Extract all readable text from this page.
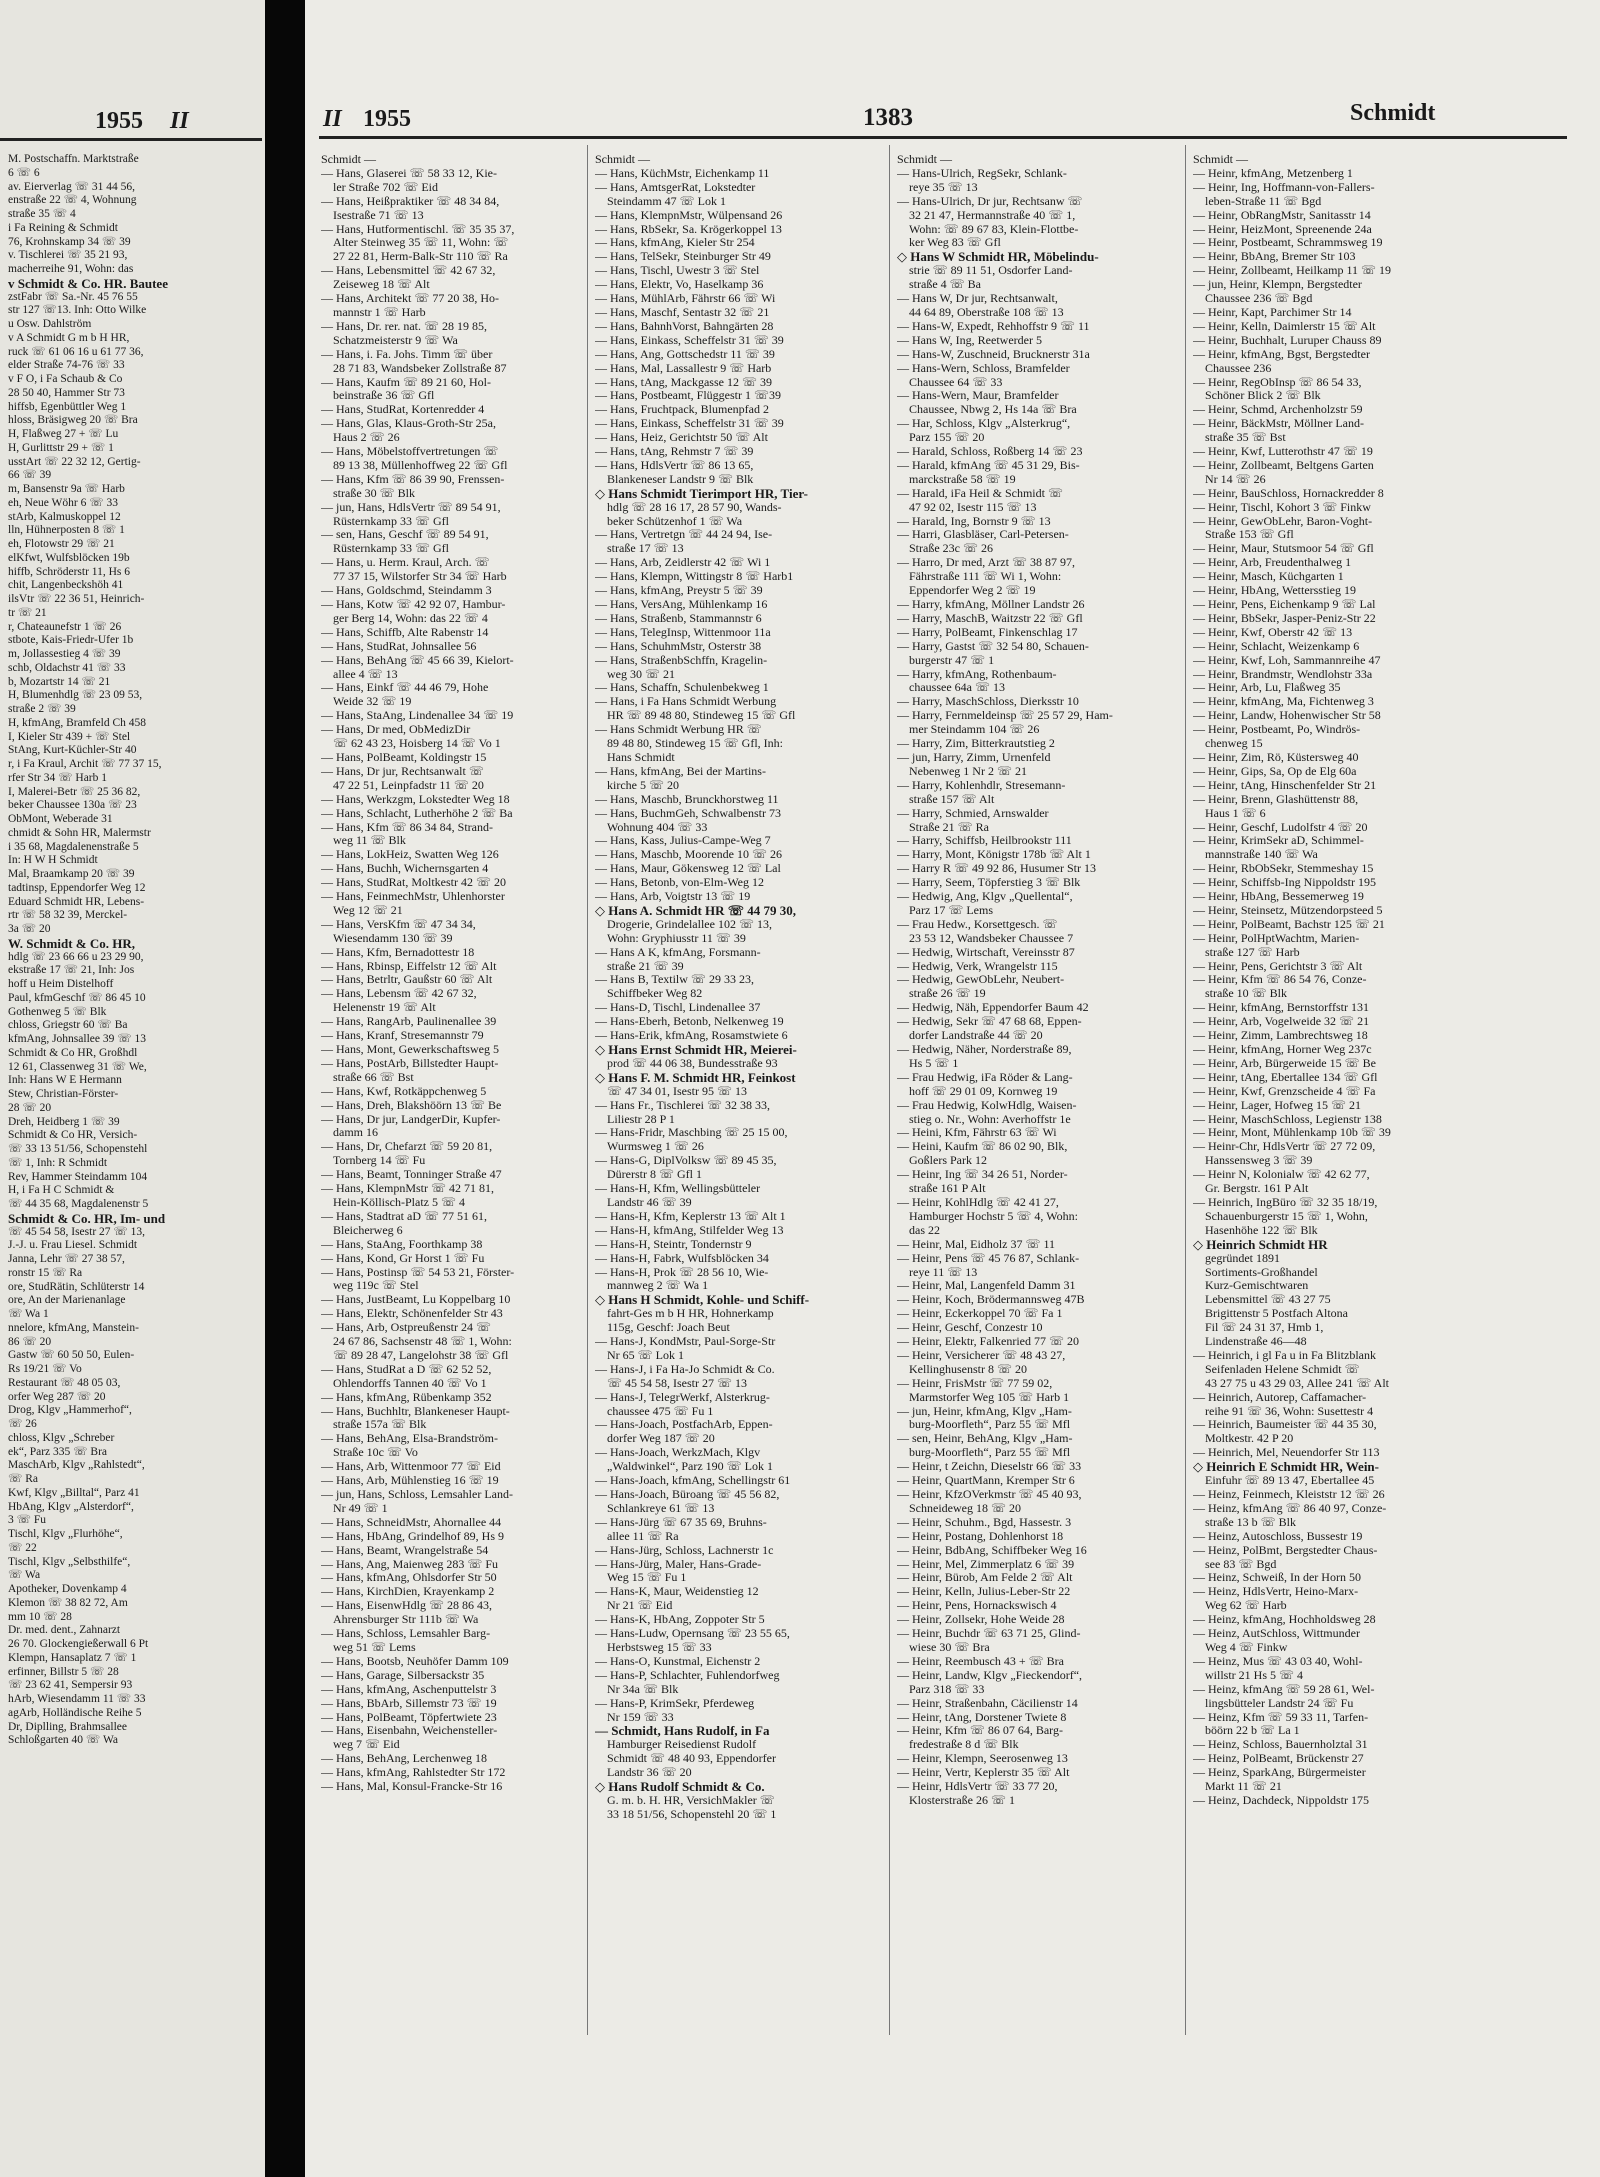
1955 II
M. Postschaffn. Marktstraße
6 ☏ 6
av. Eierverlag ☏ 31 44 56,
enstraße 22 ☏ 4, Wohnung
straße 35 ☏ 4
i Fa Reining & Schmidt
76, Krohnskamp 34 ☏ 39
v. Tischlerei ☏ 35 21 93,
macherreihe 91, Wohn: das
v Schmidt & Co. HR. Bautee
zstFabr ☏ Sa.-Nr. 45 76 55
str 127 ☏13. Inh: Otto Wilke
u Osw. Dahlström
v A Schmidt G m b H HR,
ruck ☏ 61 06 16 u 61 77 36,
elder Straße 74-76 ☏ 33
v F O, i Fa Schaub & Co
28 50 40, Hammer Str 73
hiffsb, Egenbüttler Weg 1
hloss, Bräsigweg 20 ☏ Bra
H, Flaßweg 27 + ☏ Lu
H, Gurlittstr 29 + ☏ 1
usstArt ☏ 22 32 12, Gertig-
66 ☏ 39
m, Bansenstr 9a ☏ Harb
eh, Neue Wöhr 6 ☏ 33
stArb, Kalmuskoppel 12
lln, Hühnerposten 8 ☏ 1
eh, Flotowstr 29 ☏ 21
elKfwt, Wulfsblöcken 19b
hiffb, Schröderstr 11, Hs 6
chit, Langenbeckshöh 41
ilsVtr ☏ 22 36 51, Heinrich-
tr ☏ 21
r, Chateaunefstr 1 ☏ 26
stbote, Kais-Friedr-Ufer 1b
m, Jollassestieg 4 ☏ 39
schb, Oldachstr 41 ☏ 33
b, Mozartstr 14 ☏ 21
H, Blumenhdlg ☏ 23 09 53,
straße 2 ☏ 39
H, kfmAng, Bramfeld Ch 458
I, Kieler Str 439 + ☏ Stel
StAng, Kurt-Küchler-Str 40
r, i Fa Kraul, Archit ☏ 77 37 15,
rfer Str 34 ☏ Harb 1
I, Malerei-Betr ☏ 25 36 82,
beker Chaussee 130a ☏ 23
ObMont, Weberade 31
chmidt & Sohn HR, Malermstr
i 35 68, Magdalenenstraße 5
In: H W H Schmidt
Mal, Braamkamp 20 ☏ 39
tadtinsp, Eppendorfer Weg 12
Eduard Schmidt HR, Lebens-
rtr ☏ 58 32 39, Merckel-
3a ☏ 20
W. Schmidt & Co. HR,
hdlg ☏ 23 66 66 u 23 29 90,
ekstraße 17 ☏ 21, Inh: Jos
hoff u Heim Distelhoff
Paul, kfmGeschf ☏ 86 45 10
Gothenweg 5 ☏ Blk
chloss, Griegstr 60 ☏ Ba
kfmAng, Johnsallee 39 ☏ 13
Schmidt & Co HR, Großhdl
12 61, Classenweg 31 ☏ We,
Inh: Hans W E Hermann
Stew, Christian-Förster-
28 ☏ 20
Dreh, Heidberg 1 ☏ 39
Schmidt & Co HR, Versich-
☏ 33 13 51/56, Schopenstehl
☏ 1, Inh: R Schmidt
Rev, Hammer Steindamm 104
H, i Fa H C Schmidt &
☏ 44 35 68, Magdalenenstr 5
Schmidt & Co. HR, Im- und
☏ 45 54 58, Isestr 27 ☏ 13,
J.-J. u. Frau Liesel. Schmidt
Janna, Lehr ☏ 27 38 57,
ronstr 15 ☏ Ra
ore, StudRätin, Schlüterstr 14
ore, An der Marienanlage
☏ Wa 1
nnelore, kfmAng, Manstein-
86 ☏ 20
Gastw ☏ 60 50 50, Eulen-
Rs 19/21 ☏ Vo
Restaurant ☏ 48 05 03,
orfer Weg 287 ☏ 20
Drog, Klgv „Hammerhof“,
☏ 26
chloss, Klgv „Schreber
ek“, Parz 335 ☏ Bra
MaschArb, Klgv „Rahlstedt“,
☏ Ra
Kwf, Klgv „Billtal“, Parz 41
HbAng, Klgv „Alsterdorf“,
3 ☏ Fu
Tischl, Klgv „Flurhöhe“,
☏ 22
Tischl, Klgv „Selbsthilfe“,
☏ Wa
Apotheker, Dovenkamp 4
Klemon ☏ 38 82 72, Am
mm 10 ☏ 28
Dr. med. dent., Zahnarzt
26 70. Glockengießerwall 6 Pt
Klempn, Hansaplatz 7 ☏ 1
erfinner, Billstr 5 ☏ 28
☏ 23 62 41, Sempersir 93
hArb, Wiesendamm 11 ☏ 33
agArb, Holländische Reihe 5
Dr, Diplling, Brahmsallee
Schloßgarten 40 ☏ Wa
II 1955	1383	Schmidt
Schmidt —
— Hans, Glaserei ☏ 58 33 12, Kie-
ler Straße 702 ☏ Eid
— Hans, Heißpraktiker ☏ 48 34 84,
Isestraße 71 ☏ 13
— Hans, Hutformentischl. ☏ 35 35 37,
Alter Steinweg 35 ☏ 11, Wohn: ☏
27 22 81, Herm-Balk-Str 110 ☏ Ra
— Hans, Lebensmittel ☏ 42 67 32,
Zeiseweg 18 ☏ Alt
— Hans, Architekt ☏ 77 20 38, Ho-
mannstr 1 ☏ Harb
— Hans, Dr. rer. nat. ☏ 28 19 85,
Schatzmeisterstr 9 ☏ Wa
— Hans, i. Fa. Johs. Timm ☏ über
28 71 83, Wandsbeker Zollstraße 87
— Hans, Kaufm ☏ 89 21 60, Hol-
beinstraße 36 ☏ Gfl
— Hans, StudRat, Kortenredder 4
— Hans, Glas, Klaus-Groth-Str 25a,
Haus 2 ☏ 26
— Hans, Möbelstoffvertretungen ☏
89 13 38, Müllenhoffweg 22 ☏ Gfl
— Hans, Kfm ☏ 86 39 90, Frenssen-
straße 30 ☏ Blk
— jun, Hans, HdlsVertr ☏ 89 54 91,
Rüsternkamp 33 ☏ Gfl
— sen, Hans, Geschf ☏ 89 54 91,
Rüsternkamp 33 ☏ Gfl
— Hans, u. Herm. Kraul, Arch. ☏
77 37 15, Wilstorfer Str 34 ☏ Harb
— Hans, Goldschmd, Steindamm 3
— Hans, Kotw ☏ 42 92 07, Hambur-
ger Berg 14, Wohn: das 22 ☏ 4
— Hans, Schiffb, Alte Rabenstr 14
— Hans, StudRat, Johnsallee 56
— Hans, BehAng ☏ 45 66 39, Kielort-
allee 4 ☏ 13
— Hans, Einkf ☏ 44 46 79, Hohe
Weide 32 ☏ 19
— Hans, StaAng, Lindenallee 34 ☏ 19
— Hans, Dr med, ObMedizDir
☏ 62 43 23, Hoisberg 14 ☏ Vo 1
— Hans, PolBeamt, Koldingstr 15
— Hans, Dr jur, Rechtsanwalt ☏
47 22 51, Leinpfadstr 11 ☏ 20
— Hans, Werkzgm, Lokstedter Weg 18
— Hans, Schlacht, Lutherhöhe 2 ☏ Ba
— Hans, Kfm ☏ 86 34 84, Strand-
weg 11 ☏ Blk
— Hans, LokHeiz, Swatten Weg 126
— Hans, Buchh, Wichernsgarten 4
— Hans, StudRat, Moltkestr 42 ☏ 20
— Hans, FeinmechMstr, Uhlenhorster
Weg 12 ☏ 21
— Hans, VersKfm ☏ 47 34 34,
Wiesendamm 130 ☏ 39
— Hans, Kfm, Bernadottestr 18
— Hans, Rbinsp, Eiffelstr 12 ☏ Alt
— Hans, Betrltr, Gaußstr 60 ☏ Alt
— Hans, Lebensm ☏ 42 67 32,
Helenenstr 19 ☏ Alt
— Hans, RangArb, Paulinenallee 39
— Hans, Kranf, Stresemannstr 79
— Hans, Mont, Gewerkschaftsweg 5
— Hans, PostArb, Billstedter Haupt-
straße 66 ☏ Bst
— Hans, Kwf, Rotkäppchenweg 5
— Hans, Dreh, Blakshöörn 13 ☏ Be
— Hans, Dr jur, LandgerDir, Kupfer-
damm 16
— Hans, Dr, Chefarzt ☏ 59 20 81,
Tornberg 14 ☏ Fu
— Hans, Beamt, Tonninger Straße 47
— Hans, KlempnMstr ☏ 42 71 81,
Hein-Köllisch-Platz 5 ☏ 4
— Hans, Stadtrat aD ☏ 77 51 61,
Bleicherweg 6
— Hans, StaAng, Foorthkamp 38
— Hans, Kond, Gr Horst 1 ☏ Fu
— Hans, Postinsp ☏ 54 53 21, Förster-
weg 119c ☏ Stel
— Hans, JustBeamt, Lu Koppelbarg 10
— Hans, Elektr, Schönenfelder Str 43
— Hans, Arb, Ostpreußenstr 24 ☏
24 67 86, Sachsenstr 48 ☏ 1, Wohn:
☏ 89 28 47, Langelohstr 38 ☏ Gfl
— Hans, StudRat a D ☏ 62 52 52,
Ohlendorffs Tannen 40 ☏ Vo 1
— Hans, kfmAng, Rübenkamp 352
— Hans, Buchhltr, Blankeneser Haupt-
straße 157a ☏ Blk
— Hans, BehAng, Elsa-Brandström-
Straße 10c ☏ Vo
— Hans, Arb, Wittenmoor 77 ☏ Eid
— Hans, Arb, Mühlenstieg 16 ☏ 19
— jun, Hans, Schloss, Lemsahler Land-
Nr 49 ☏ 1
— Hans, SchneidMstr, Ahornallee 44
— Hans, HbAng, Grindelhof 89, Hs 9
— Hans, Beamt, Wrangelstraße 54
— Hans, Ang, Maienweg 283 ☏ Fu
— Hans, kfmAng, Ohlsdorfer Str 50
— Hans, KirchDien, Krayenkamp 2
— Hans, EisenwHdlg ☏ 28 86 43,
Ahrensburger Str 111b ☏ Wa
— Hans, Schloss, Lemsahler Barg-
weg 51 ☏ Lems
— Hans, Bootsb, Neuhöfer Damm 109
— Hans, Garage, Silbersackstr 35
— Hans, kfmAng, Aschenputtelstr 3
— Hans, BbArb, Sillemstr 73 ☏ 19
— Hans, PolBeamt, Töpfertwiete 23
— Hans, Eisenbahn, Weichensteller-
weg 7 ☏ Eid
— Hans, BehAng, Lerchenweg 18
— Hans, kfmAng, Rahlstedter Str 172
— Hans, Mal, Konsul-Francke-Str 16
Schmidt —
— Hans, KüchMstr, Eichenkamp 11
— Hans, AmtsgerRat, Lokstedter
Steindamm 47 ☏ Lok 1
— Hans, KlempnMstr, Wülpensand 26
— Hans, RbSekr, Sa. Krögerkoppel 13
— Hans, kfmAng, Kieler Str 254
— Hans, TelSekr, Steinburger Str 49
— Hans, Tischl, Uwestr 3 ☏ Stel
— Hans, Elektr, Vo, Haselkamp 36
— Hans, MühlArb, Fährstr 66 ☏ Wi
— Hans, Maschf, Sentastr 32 ☏ 21
— Hans, BahnhVorst, Bahngärten 28
— Hans, Einkass, Scheffelstr 31 ☏ 39
— Hans, Ang, Gottschedstr 11 ☏ 39
— Hans, Mal, Lassallestr 9 ☏ Harb
— Hans, tAng, Mackgasse 12 ☏ 39
— Hans, Postbeamt, Flüggestr 1 ☏39
— Hans, Fruchtpack, Blumenpfad 2
— Hans, Einkass, Scheffelstr 31 ☏ 39
— Hans, Heiz, Gerichtstr 50 ☏ Alt
— Hans, tAng, Rehmstr 7 ☏ 39
— Hans, HdlsVertr ☏ 86 13 65,
Blankeneser Landstr 9 ☏ Blk
◇ Hans Schmidt Tierimport HR, Tier-
hdlg ☏ 28 16 17, 28 57 90, Wands-
beker Schützenhof 1 ☏ Wa
— Hans, Vertretgn ☏ 44 24 94, Ise-
straße 17 ☏ 13
— Hans, Arb, Zeidlerstr 42 ☏ Wi 1
— Hans, Klempn, Wittingstr 8 ☏ Harb1
— Hans, kfmAng, Preystr 5 ☏ 39
— Hans, VersAng, Mühlenkamp 16
— Hans, Straßenb, Stammannstr 6
— Hans, TelegInsp, Wittenmoor 11a
— Hans, SchuhmMstr, Osterstr 38
— Hans, StraßenbSchffn, Kragelin-
weg 30 ☏ 21
— Hans, Schaffn, Schulenbekweg 1
— Hans, i Fa Hans Schmidt Werbung
HR ☏ 89 48 80, Stindeweg 15 ☏ Gfl
— Hans Schmidt Werbung HR ☏
89 48 80, Stindeweg 15 ☏ Gfl, Inh:
Hans Schmidt
— Hans, kfmAng, Bei der Martins-
kirche 5 ☏ 20
— Hans, Maschb, Brunckhorstweg 11
— Hans, BuchmGeh, Schwalbenstr 73
Wohnung 404 ☏ 33
— Hans, Kass, Julius-Campe-Weg 7
— Hans, Maschb, Moorende 10 ☏ 26
— Hans, Maur, Gökensweg 12 ☏ Lal
— Hans, Betonb, von-Elm-Weg 12
— Hans, Arb, Voigtstr 13 ☏ 19
◇ Hans A. Schmidt HR ☏ 44 79 30,
Drogerie, Grindelallee 102 ☏ 13,
Wohn: Gryphiusstr 11 ☏ 39
— Hans A K, kfmAng, Forsmann-
straße 21 ☏ 39
— Hans B, Textilw ☏ 29 33 23,
Schiffbeker Weg 82
— Hans-D, Tischl, Lindenallee 37
— Hans-Eberh, Betonb, Nelkenweg 19
— Hans-Erik, kfmAng, Rosamstwiete 6
◇ Hans Ernst Schmidt HR, Meierei-
prod ☏ 44 06 38, Bundesstraße 93
◇ Hans F. M. Schmidt HR, Feinkost
☏ 47 34 01, Isestr 95 ☏ 13
— Hans Fr., Tischlerei ☏ 32 38 33,
Liliestr 28 P 1
— Hans-Fridr, Maschbing ☏ 25 15 00,
Wurmsweg 1 ☏ 26
— Hans-G, DiplVolksw ☏ 89 45 35,
Dürerstr 8 ☏ Gfl 1
— Hans-H, Kfm, Wellingsbütteler
Landstr 46 ☏ 39
— Hans-H, Kfm, Keplerstr 13 ☏ Alt 1
— Hans-H, kfmAng, Stilfelder Weg 13
— Hans-H, Steintr, Tondernstr 9
— Hans-H, Fabrk, Wulfsblöcken 34
— Hans-H, Prok ☏ 28 56 10, Wie-
mannweg 2 ☏ Wa 1
◇ Hans H Schmidt, Kohle- und Schiff-
fahrt-Ges m b H HR, Hohnerkamp
115g, Geschf: Joach Beut
— Hans-J, KondMstr, Paul-Sorge-Str
Nr 65 ☏ Lok 1
— Hans-J, i Fa Ha-Jo Schmidt & Co.
☏ 45 54 58, Isestr 27 ☏ 13
— Hans-J, TelegrWerkf, Alsterkrug-
chaussee 475 ☏ Fu 1
— Hans-Joach, PostfachArb, Eppen-
dorfer Weg 187 ☏ 20
— Hans-Joach, WerkzMach, Klgv
„Waldwinkel“, Parz 190 ☏ Lok 1
— Hans-Joach, kfmAng, Schellingstr 61
— Hans-Joach, Büroang ☏ 45 56 82,
Schlankreye 61 ☏ 13
— Hans-Jürg ☏ 67 35 69, Bruhns-
allee 11 ☏ Ra
— Hans-Jürg, Schloss, Lachnerstr 1c
— Hans-Jürg, Maler, Hans-Grade-
Weg 15 ☏ Fu 1
— Hans-K, Maur, Weidenstieg 12
Nr 21 ☏ Eid
— Hans-K, HbAng, Zoppoter Str 5
— Hans-Ludw, Opernsang ☏ 23 55 65,
Herbstsweg 15 ☏ 33
— Hans-O, Kunstmal, Eichenstr 2
— Hans-P, Schlachter, Fuhlendorfweg
Nr 34a ☏ Blk
— Hans-P, KrimSekr, Pferdeweg
Nr 159 ☏ 33
— Schmidt, Hans Rudolf, in Fa
Hamburger Reisedienst Rudolf
Schmidt ☏ 48 40 93, Eppendorfer
Landstr 36 ☏ 20
◇ Hans Rudolf Schmidt & Co.
G. m. b. H. HR, VersichMakler ☏
33 18 51/56, Schopenstehl 20 ☏ 1
Schmidt —
— Hans-Ulrich, RegSekr, Schlank-
reye 35 ☏ 13
— Hans-Ulrich, Dr jur, Rechtsanw ☏
32 21 47, Hermannstraße 40 ☏ 1,
Wohn: ☏ 89 67 83, Klein-Flottbe-
ker Weg 83 ☏ Gfl
◇ Hans W Schmidt HR, Möbelindu-
strie ☏ 89 11 51, Osdorfer Land-
straße 4 ☏ Ba
— Hans W, Dr jur, Rechtsanwalt,
44 64 89, Oberstraße 108 ☏ 13
— Hans-W, Expedt, Rehhoffstr 9 ☏ 11
— Hans W, Ing, Reetwerder 5
— Hans-W, Zuschneid, Brucknerstr 31a
— Hans-Wern, Schloss, Bramfelder
Chaussee 64 ☏ 33
— Hans-Wern, Maur, Bramfelder
Chaussee, Nbwg 2, Hs 14a ☏ Bra
— Har, Schloss, Klgv „Alsterkrug“,
Parz 155 ☏ 20
— Harald, Schloss, Roßberg 14 ☏ 23
— Harald, kfmAng ☏ 45 31 29, Bis-
marckstraße 58 ☏ 19
— Harald, iFa Heil & Schmidt ☏
47 92 02, Isestr 115 ☏ 13
— Harald, Ing, Bornstr 9 ☏ 13
— Harri, Glasbläser, Carl-Petersen-
Straße 23c ☏ 26
— Harro, Dr med, Arzt ☏ 38 87 97,
Fährstraße 111 ☏ Wi 1, Wohn:
Eppendorfer Weg 2 ☏ 19
— Harry, kfmAng, Möllner Landstr 26
— Harry, MaschB, Waitzstr 22 ☏ Gfl
— Harry, PolBeamt, Finkenschlag 17
— Harry, Gastst ☏ 32 54 80, Schauen-
burgerstr 47 ☏ 1
— Harry, kfmAng, Rothenbaum-
chaussee 64a ☏ 13
— Harry, MaschSchloss, Dierksstr 10
— Harry, Fernmeldeinsp ☏ 25 57 29, Ham-
mer Steindamm 104 ☏ 26
— Harry, Zim, Bitterkrautstieg 2
— jun, Harry, Zimm, Urnenfeld
Nebenweg 1 Nr 2 ☏ 21
— Harry, Kohlenhdlr, Stresemann-
straße 157 ☏ Alt
— Harry, Schmied, Arnswalder
Straße 21 ☏ Ra
— Harry, Schiffsb, Heilbrookstr 111
— Harry, Mont, Königstr 178b ☏ Alt 1
— Harry R ☏ 49 92 86, Husumer Str 13
— Harry, Seem, Töpferstieg 3 ☏ Blk
— Hedwig, Ang, Klgv „Quellental“,
Parz 17 ☏ Lems
— Frau Hedw., Korsettgesch. ☏
23 53 12, Wandsbeker Chaussee 7
— Hedwig, Wirtschaft, Vereinsstr 87
— Hedwig, Verk, Wrangelstr 115
— Hedwig, GewObLehr, Neubert-
straße 26 ☏ 19
— Hedwig, Näh, Eppendorfer Baum 42
— Hedwig, Sekr ☏ 47 68 68, Eppen-
dorfer Landstraße 44 ☏ 20
— Hedwig, Näher, Norderstraße 89,
Hs 5 ☏ 1
— Frau Hedwig, iFa Röder & Lang-
hoff ☏ 29 01 09, Kornweg 19
— Frau Hedwig, KolwHdlg, Waisen-
stieg o. Nr., Wohn: Averhoffstr 1e
— Heini, Kfm, Fährstr 63 ☏ Wi
— Heini, Kaufm ☏ 86 02 90, Blk,
Goßlers Park 12
— Heinr, Ing ☏ 34 26 51, Norder-
straße 161 P Alt
— Heinr, KohlHdlg ☏ 42 41 27,
Hamburger Hochstr 5 ☏ 4, Wohn:
das 22
— Heinr, Mal, Eidholz 37 ☏ 11
— Heinr, Pens ☏ 45 76 87, Schlank-
reye 11 ☏ 13
— Heinr, Mal, Langenfeld Damm 31
— Heinr, Koch, Brödermannsweg 47B
— Heinr, Eckerkoppel 70 ☏ Fa 1
— Heinr, Geschf, Conzestr 10
— Heinr, Elektr, Falkenried 77 ☏ 20
— Heinr, Versicherer ☏ 48 43 27,
Kellinghusenstr 8 ☏ 20
— Heinr, FrisMstr ☏ 77 59 02,
Marmstorfer Weg 105 ☏ Harb 1
— jun, Heinr, kfmAng, Klgv „Ham-
burg-Moorfleth“, Parz 55 ☏ Mfl
— sen, Heinr, BehAng, Klgv „Ham-
burg-Moorfleth“, Parz 55 ☏ Mfl
— Heinr, t Zeichn, Dieselstr 66 ☏ 33
— Heinr, QuartMann, Kremper Str 6
— Heinr, KfzOVerkmstr ☏ 45 40 93,
Schneideweg 18 ☏ 20
— Heinr, Schuhm., Bgd, Hassestr. 3
— Heinr, Postang, Dohlenhorst 18
— Heinr, BdbAng, Schiffbeker Weg 16
— Heinr, Mel, Zimmerplatz 6 ☏ 39
— Heinr, Bürob, Am Felde 2 ☏ Alt
— Heinr, Kelln, Julius-Leber-Str 22
— Heinr, Pens, Hornackswisch 4
— Heinr, Zollsekr, Hohe Weide 28
— Heinr, Buchdr ☏ 63 71 25, Glind-
wiese 30 ☏ Bra
— Heinr, Reembusch 43 + ☏ Bra
— Heinr, Landw, Klgv „Fieckendorf“,
Parz 318 ☏ 33
— Heinr, Straßenbahn, Cäcilienstr 14
— Heinr, tAng, Dorstener Twiete 8
— Heinr, Kfm ☏ 86 07 64, Barg-
fredestraße 8 d ☏ Blk
— Heinr, Klempn, Seerosenweg 13
— Heinr, Vertr, Keplerstr 35 ☏ Alt
— Heinr, HdlsVertr ☏ 33 77 20,
Klosterstraße 26 ☏ 1
Schmidt —
— Heinr, kfmAng, Metzenberg 1
— Heinr, Ing, Hoffmann-von-Fallers-
leben-Straße 11 ☏ Bgd
— Heinr, ObRangMstr, Sanitasstr 14
— Heinr, HeizMont, Spreenende 24a
— Heinr, Postbeamt, Schrammsweg 19
— Heinr, BbAng, Bremer Str 103
— Heinr, Zollbeamt, Heilkamp 11 ☏ 19
— jun, Heinr, Klempn, Bergstedter
Chaussee 236 ☏ Bgd
— Heinr, Kapt, Parchimer Str 14
— Heinr, Kelln, Daimlerstr 15 ☏ Alt
— Heinr, Buchhalt, Luruper Chauss 89
— Heinr, kfmAng, Bgst, Bergstedter
Chaussee 236
— Heinr, RegObInsp ☏ 86 54 33,
Schöner Blick 2 ☏ Blk
— Heinr, Schmd, Archenholzstr 59
— Heinr, BäckMstr, Möllner Land-
straße 35 ☏ Bst
— Heinr, Kwf, Lutterothstr 47 ☏ 19
— Heinr, Zollbeamt, Beltgens Garten
Nr 14 ☏ 26
— Heinr, BauSchloss, Hornackredder 8
— Heinr, Tischl, Kohort 3 ☏ Finkw
— Heinr, GewObLehr, Baron-Voght-
Straße 153 ☏ Gfl
— Heinr, Maur, Stutsmoor 54 ☏ Gfl
— Heinr, Arb, Freudenthalweg 1
— Heinr, Masch, Küchgarten 1
— Heinr, HbAng, Wettersstieg 19
— Heinr, Pens, Eichenkamp 9 ☏ Lal
— Heinr, BbSekr, Jasper-Peniz-Str 22
— Heinr, Kwf, Oberstr 42 ☏ 13
— Heinr, Schlacht, Weizenkamp 6
— Heinr, Kwf, Loh, Sammannreihe 47
— Heinr, Brandmstr, Wendlohstr 33a
— Heinr, Arb, Lu, Flaßweg 35
— Heinr, kfmAng, Ma, Fichtenweg 3
— Heinr, Landw, Hohenwischer Str 58
— Heinr, Postbeamt, Po, Windrös-
chenweg 15
— Heinr, Zim, Rö, Küstersweg 40
— Heinr, Gips, Sa, Op de Elg 60a
— Heinr, tAng, Hinschenfelder Str 21
— Heinr, Brenn, Glashüttenstr 88,
Haus 1 ☏ 6
— Heinr, Geschf, Ludolfstr 4 ☏ 20
— Heinr, KrimSekr aD, Schimmel-
mannstraße 140 ☏ Wa
— Heinr, RbObSekr, Stemmeshay 15
— Heinr, Schiffsb-Ing Nippoldstr 195
— Heinr, HbAng, Bessemerweg 19
— Heinr, Steinsetz, Mützendorpsteed 5
— Heinr, PolBeamt, Bachstr 125 ☏ 21
— Heinr, PolHptWachtm, Marien-
straße 127 ☏ Harb
— Heinr, Pens, Gerichtstr 3 ☏ Alt
— Heinr, Kfm ☏ 86 54 76, Conze-
straße 10 ☏ Blk
— Heinr, kfmAng, Bernstorffstr 131
— Heinr, Arb, Vogelweide 32 ☏ 21
— Heinr, Zimm, Lambrechtsweg 18
— Heinr, kfmAng, Horner Weg 237c
— Heinr, Arb, Bürgerweide 15 ☏ Be
— Heinr, tAng, Ebertallee 134 ☏ Gfl
— Heinr, Kwf, Grenzscheide 4 ☏ Fa
— Heinr, Lager, Hofweg 15 ☏ 21
— Heinr, MaschSchloss, Legienstr 138
— Heinr, Mont, Mühlenkamp 10b ☏ 39
— Heinr-Chr, HdlsVertr ☏ 27 72 09,
Hanssensweg 3 ☏ 39
— Heinr N, Kolonialw ☏ 42 62 77,
Gr. Bergstr. 161 P Alt
— Heinrich, IngBüro ☏ 32 35 18/19,
Schauenburgerstr 15 ☏ 1, Wohn,
Hasenhöhe 122 ☏ Blk
◇ Heinrich Schmidt HR
gegründet 1891
Sortiments-Großhandel
Kurz-Gemischtwaren
Lebensmittel ☏ 43 27 75
Brigittenstr 5 Postfach Altona
Fil ☏ 24 31 37, Hmb 1,
Lindenstraße 46—48
— Heinrich, i gl Fa u in Fa Blitzblank
Seifenladen Helene Schmidt ☏
43 27 75 u 43 29 03, Allee 241 ☏ Alt
— Heinrich, Autorep, Caffamacher-
reihe 91 ☏ 36, Wohn: Susettestr 4
— Heinrich, Baumeister ☏ 44 35 30,
Moltkestr. 42 P 20
— Heinrich, Mel, Neuendorfer Str 113
◇ Heinrich E Schmidt HR, Wein-
Einfuhr ☏ 89 13 47, Ebertallee 45
— Heinz, Feinmech, Kleiststr 12 ☏ 26
— Heinz, kfmAng ☏ 86 40 97, Conze-
straße 13 b ☏ Blk
— Heinz, Autoschloss, Bussestr 19
— Heinz, PolBmt, Bergstedter Chaus-
see 83 ☏ Bgd
— Heinz, Schweiß, In der Horn 50
— Heinz, HdlsVertr, Heino-Marx-
Weg 62 ☏ Harb
— Heinz, kfmAng, Hochholdsweg 28
— Heinz, AutSchloss, Wittmunder
Weg 4 ☏ Finkw
— Heinz, Mus ☏ 43 03 40, Wohl-
willstr 21 Hs 5 ☏ 4
— Heinz, kfmAng ☏ 59 28 61, Wel-
lingsbütteler Landstr 24 ☏ Fu
— Heinz, Kfm ☏ 59 33 11, Tarfen-
böörn 22 b ☏ La 1
— Heinz, Schloss, Bauernholztal 31
— Heinz, PolBeamt, Brückenstr 27
— Heinz, SparkAng, Bürgermeister
Markt 11 ☏ 21
— Heinz, Dachdeck, Nippoldstr 175
